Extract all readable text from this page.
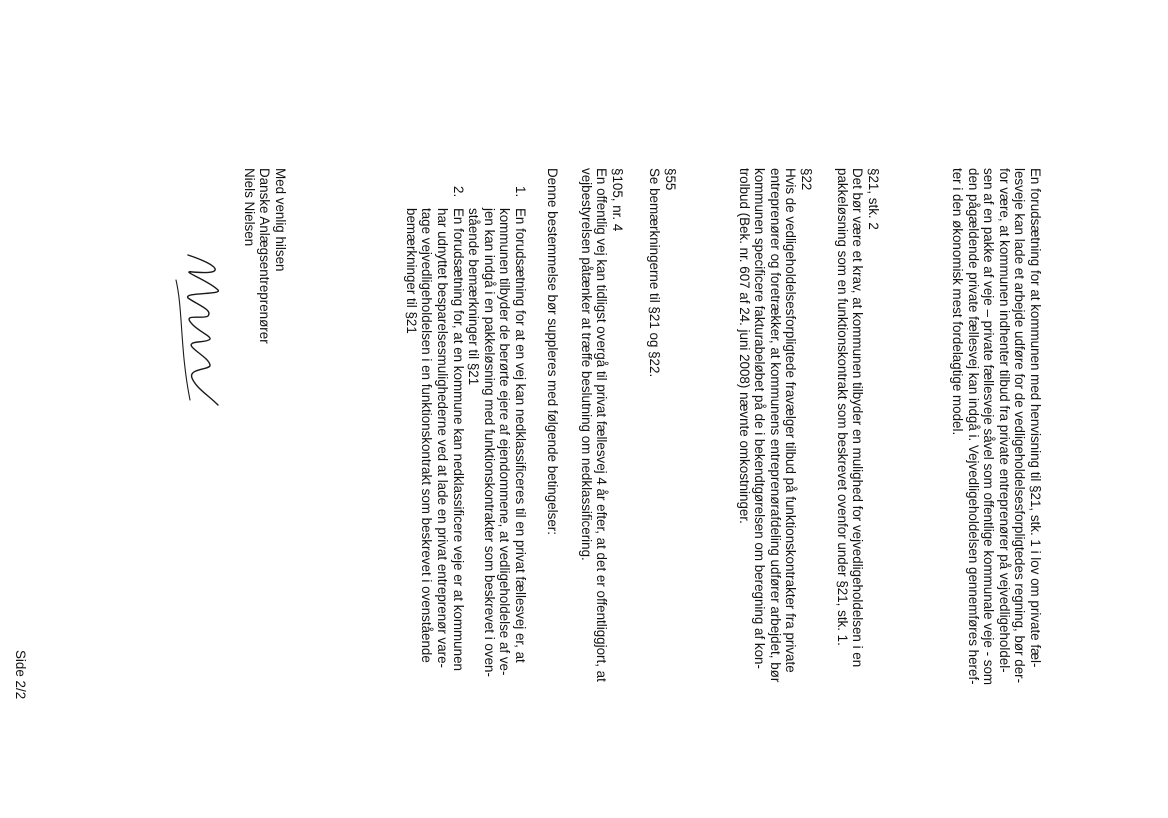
En forudsætning for at kommunen med henvisning til §21, stk. 1 i lov om private fæl-
lesveje kan lade et arbejde udføre for de vedligeholdelsesforpligtedes regning, bør der-
for være, at kommunen indhenter tilbud fra private entreprenører på vejvedligeholdel-
sen af en pakke af veje – private fællesveje såvel som offentlige kommunale veje - som
den pågældende private fællesvej kan indgå i. Vejvedligeholdelsen gennemføres heref-
ter i den økonomisk mest fordelagtige model.

§21, stk. 2
Det bør være et krav, at kommunen tilbyder en mulighed for vejvedligeholdelsen i en
pakkeløsning som en funktionskontrakt som beskrevet ovenfor under §21, stk. 1.
§22
Hvis de vedligeholdelsesforpligtede fravælger tilbud på funktionskontrakter fra private
entreprenører og foretrækker, at kommunens entreprenørafdeling udfører arbejdet, bør
kommunen specificere fakturabeløbet på de i bekendtgørelsen om beregning af kon-
trolbud (Bek. nr. 607 af 24. juni 2008) nævnte omkostninger.
§55
Se bemærkningerne til §21 og §22.
§105, nr. 4
En offentlig vej kan tidligst overgå til privat fællesvej 4 år efter, at det er offentliggjort, at
vejbestyrelsen påtænker at træffe beslutning om nedklassificering.
Denne bestemmelse bør suppleres med følgende betingelser:
1.
En forudsætning for at en vej kan nedklassificeres til en privat fællesvej er, at
kommunen tilbyder de berørte ejere af ejendommene, at vedligeholdelse af ve-
jen kan indgå i en pakkeløsning med funktionskontrakter som beskrevet i oven-
stående bemærkninger til §21
2.
En forudsætning for, at en kommune kan nedklassificere veje er at kommunen
har udnyttet besparelsesmulighederne ved at lade en privat entreprenør vare-
tage vejvedligeholdelsen i en funktionskontrakt som beskrevet i ovenstående
bemærkninger til §21
Med venlig hilsen
Danske Anlægsentreprenører
Niels Nielsen
Side 2/2
